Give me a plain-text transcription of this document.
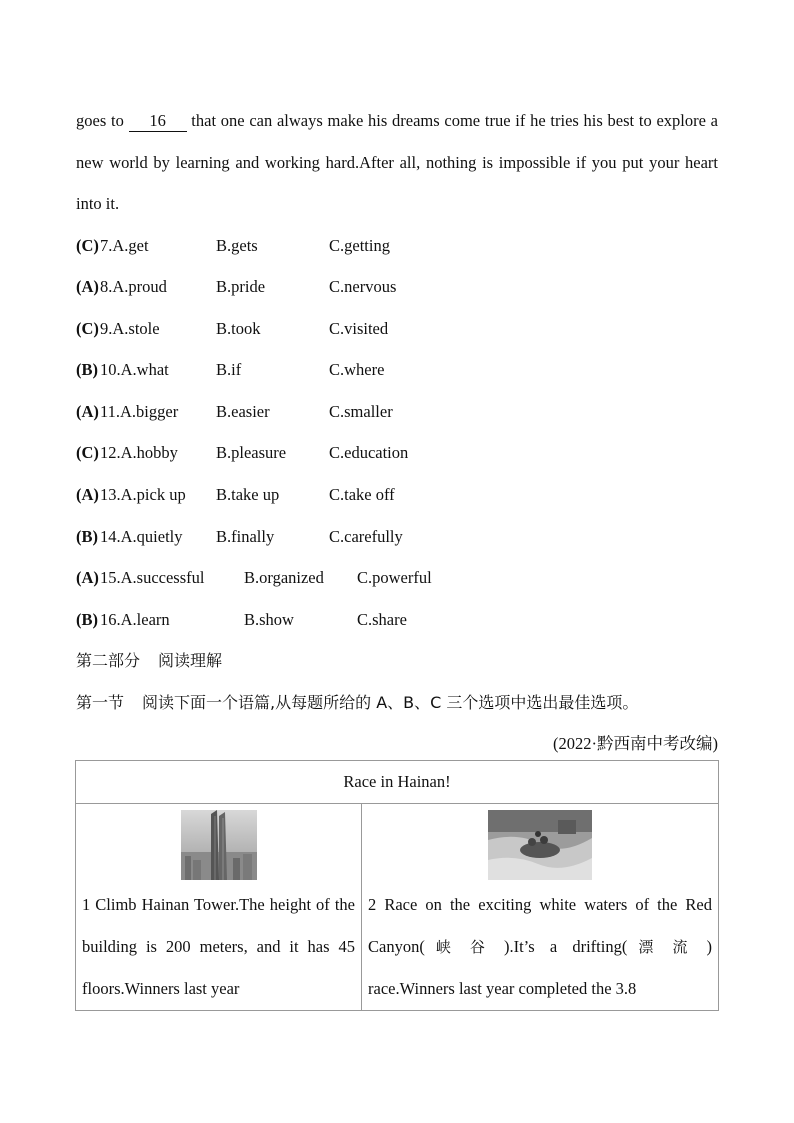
goes to 16 that one can always make his dreams come true if he tries his best to explore a new world by learning and working hard.After all, nothing is impossible if you put your heart into it.

(C) 7.A.get	B.gets	C.getting
(A) 8.A.proud	B.pride	C.nervous
(C) 9.A.stole	B.took	C.visited
(B) 10.A.what	B.if	C.where
(A) 11.A.bigger B.easier	C.smaller
(C) 12.A.hobby B.pleasure	C.education
(A) 13.A.pick up B.take up	C.take off
(B) 14.A.quietly B.finally	C.carefully
(A) 15.A.successful B.organized C.powerful
(B) 16.A.learn	B.show	C.share
第二部分 阅读理解
第一节 阅读下面一个语篇,从每题所给的 A、B、C 三个选项中选出最佳选项。
(2022·黔西南中考改编)
Race in Hainan!

1 Climb Hainan Tower.The height of the building is 200 meters, and it has 45 floors.Winners last year

2 Race on the exciting white waters of the Red Canyon(峡谷).It’s a drifting(漂流) race.Winners last year completed the 3.8
